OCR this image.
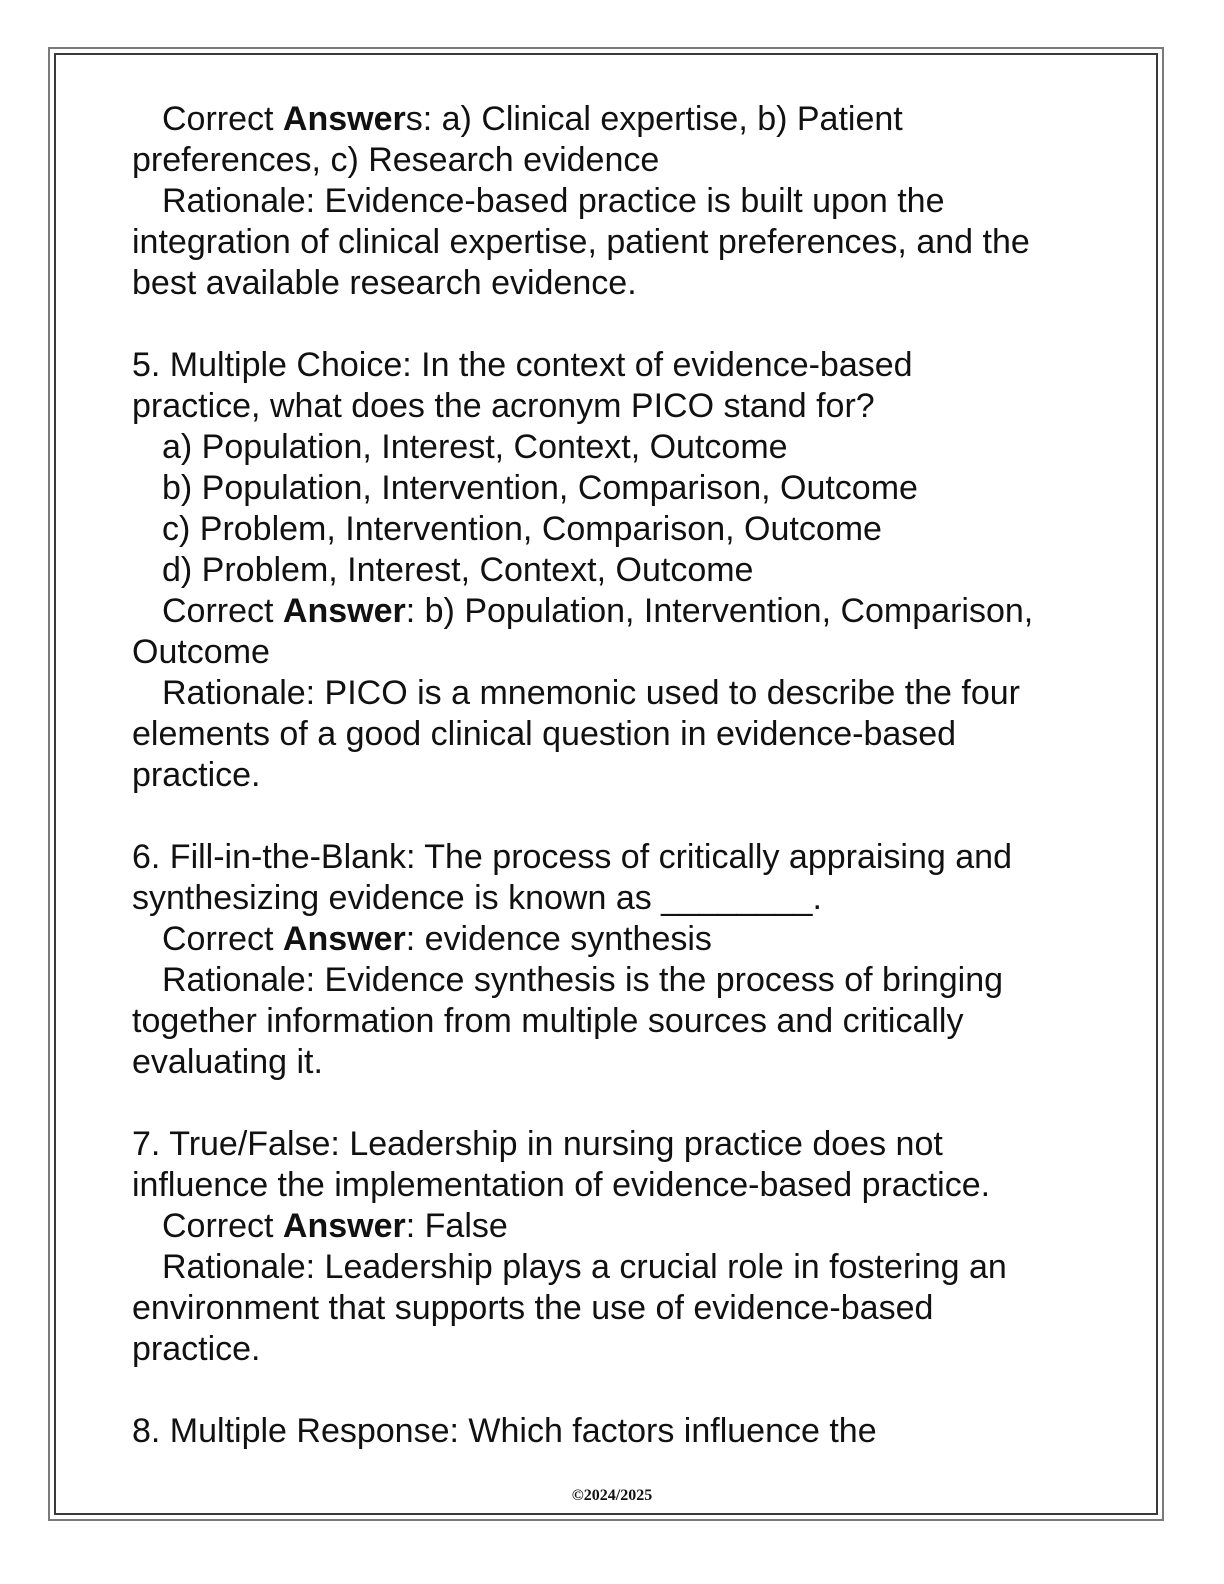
Correct Answers: a) Clinical expertise, b) Patient
preferences, c) Research evidence
Rationale: Evidence-based practice is built upon the
integration of clinical expertise, patient preferences, and the
best available research evidence.
5. Multiple Choice: In the context of evidence-based
practice, what does the acronym PICO stand for?
a) Population, Interest, Context, Outcome
b) Population, Intervention, Comparison, Outcome
c) Problem, Intervention, Comparison, Outcome
d) Problem, Interest, Context, Outcome
Correct Answer: b) Population, Intervention, Comparison,
Outcome
Rationale: PICO is a mnemonic used to describe the four
elements of a good clinical question in evidence-based
practice.
6. Fill-in-the-Blank: The process of critically appraising and
synthesizing evidence is known as ________.
Correct Answer: evidence synthesis
Rationale: Evidence synthesis is the process of bringing
together information from multiple sources and critically
evaluating it.
7. True/False: Leadership in nursing practice does not
influence the implementation of evidence-based practice.
Correct Answer: False
Rationale: Leadership plays a crucial role in fostering an
environment that supports the use of evidence-based
practice.
8. Multiple Response: Which factors influence the
©2024/2025
